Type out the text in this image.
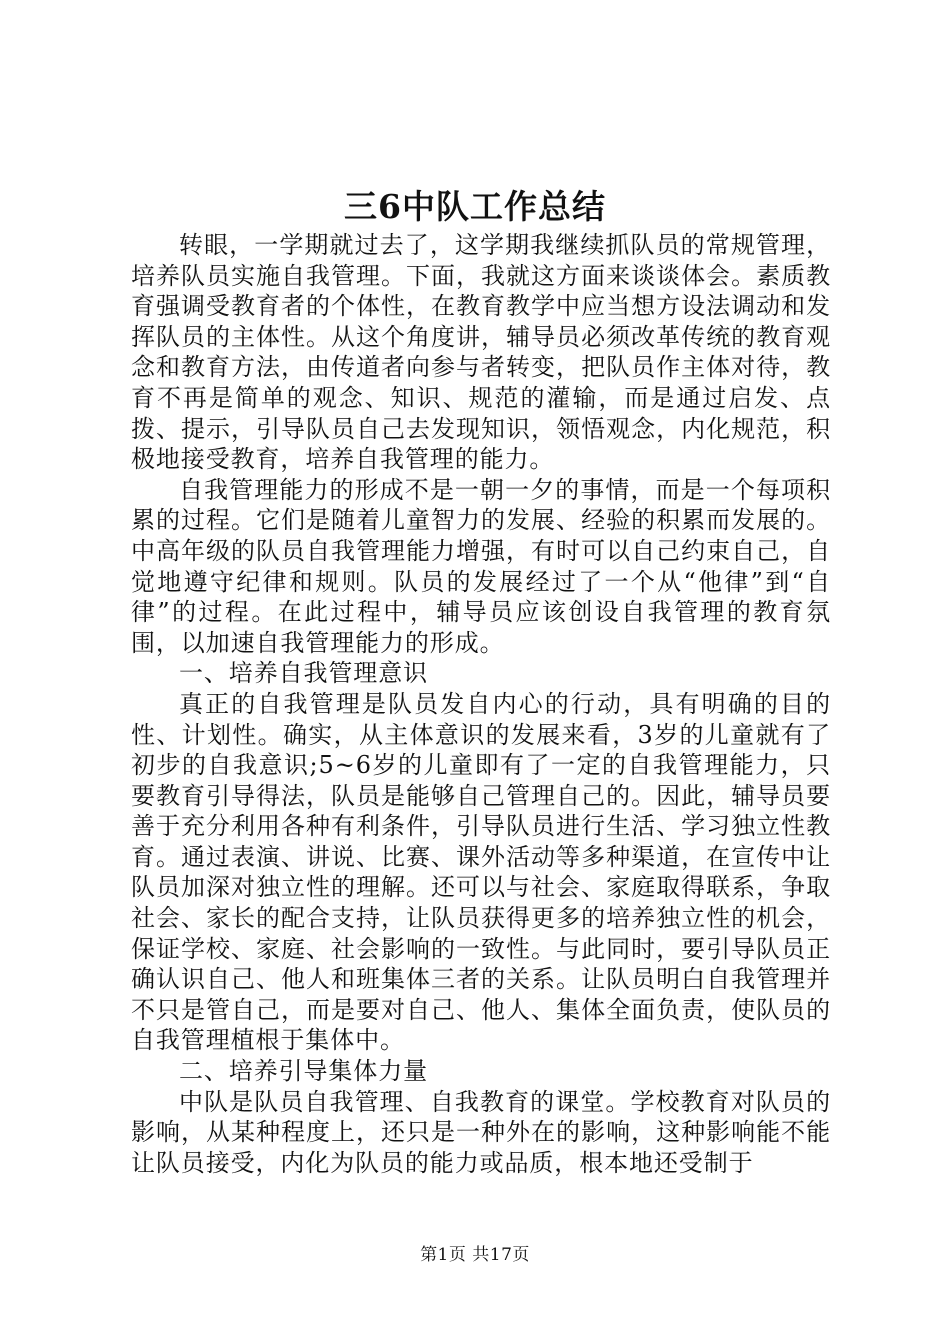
三6中队工作总结

转眼，一学期就过去了，这学期我继续抓队员的常规管理，培养队员实施自我管理。下面，我就这方面来谈谈体会。素质教育强调受教育者的个体性，在教育教学中应当想方设法调动和发挥队员的主体性。从这个角度讲，辅导员必须改革传统的教育观念和教育方法，由传道者向参与者转变，把队员作主体对待，教育不再是简单的观念、知识、规范的灌输，而是通过启发、点拨、提示，引导队员自己去发现知识，领悟观念，内化规范，积极地接受教育，培养自我管理的能力。

自我管理能力的形成不是一朝一夕的事情，而是一个每项积累的过程。它们是随着儿童智力的发展、经验的积累而发展的。中高年级的队员自我管理能力增强，有时可以自己约束自己，自觉地遵守纪律和规则。队员的发展经过了一个从“他律”到“自律”的过程。在此过程中，辅导员应该创设自我管理的教育氛围，以加速自我管理能力的形成。

一、培养自我管理意识

真正的自我管理是队员发自内心的行动，具有明确的目的性、计划性。确实，从主体意识的发展来看，3岁的儿童就有了初步的自我意识;5~6岁的儿童即有了一定的自我管理能力，只要教育引导得法，队员是能够自己管理自己的。因此，辅导员要善于充分利用各种有利条件，引导队员进行生活、学习独立性教育。通过表演、讲说、比赛、课外活动等多种渠道，在宣传中让队员加深对独立性的理解。还可以与社会、家庭取得联系，争取社会、家长的配合支持，让队员获得更多的培养独立性的机会，保证学校、家庭、社会影响的一致性。与此同时，要引导队员正确认识自己、他人和班集体三者的关系。让队员明白自我管理并不只是管自己，而是要对自己、他人、集体全面负责，使队员的自我管理植根于集体中。

二、培养引导集体力量

中队是队员自我管理、自我教育的课堂。学校教育对队员的影响，从某种程度上，还只是一种外在的影响，这种影响能不能让队员接受，内化为队员的能力或品质，根本地还受制于

第1页 共17页
